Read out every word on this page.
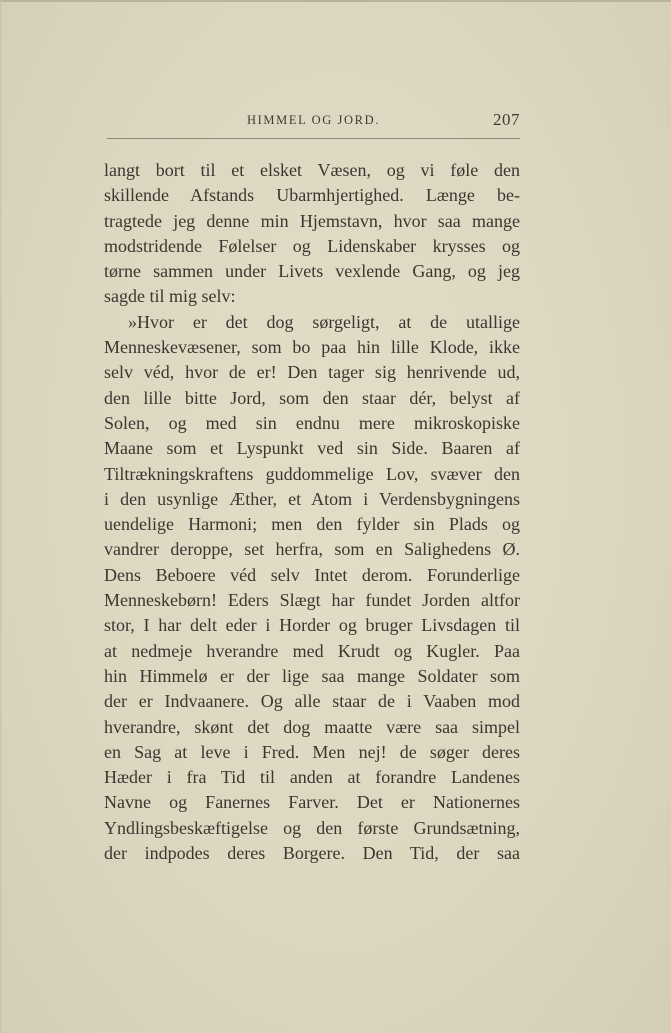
HIMMEL OG JORD.	207
langt bort til et elsket Væsen, og vi føle den
skillende Afstands Ubarmhjertighed. Længe be-
tragtede jeg denne min Hjemstavn, hvor saa mange
modstridende Følelser og Lidenskaber krysses og
tørne sammen under Livets vexlende Gang, og jeg
sagde til mig selv:
»Hvor er det dog sørgeligt, at de utallige
Menneskevæsener, som bo paa hin lille Klode, ikke
selv véd, hvor de er! Den tager sig henrivende ud,
den lille bitte Jord, som den staar dér, belyst af
Solen, og med sin endnu mere mikroskopiske
Maane som et Lyspunkt ved sin Side. Baaren af
Tiltrækningskraftens guddommelige Lov, svæver den
i den usynlige Æther, et Atom i Verdensbygningens
uendelige Harmoni; men den fylder sin Plads og
vandrer deroppe, set herfra, som en Salighedens Ø.
Dens Beboere véd selv Intet derom. Forunderlige
Menneskebørn! Eders Slægt har fundet Jorden altfor
stor, I har delt eder i Horder og bruger Livsdagen til
at nedmeje hverandre med Krudt og Kugler. Paa
hin Himmelø er der lige saa mange Soldater som
der er Indvaanere. Og alle staar de i Vaaben mod
hverandre, skønt det dog maatte være saa simpel
en Sag at leve i Fred. Men nej! de søger deres
Hæder i fra Tid til anden at forandre Landenes
Navne og Fanernes Farver. Det er Nationernes
Yndlingsbeskæftigelse og den første Grundsætning,
der indpodes deres Borgere. Den Tid, der saa
